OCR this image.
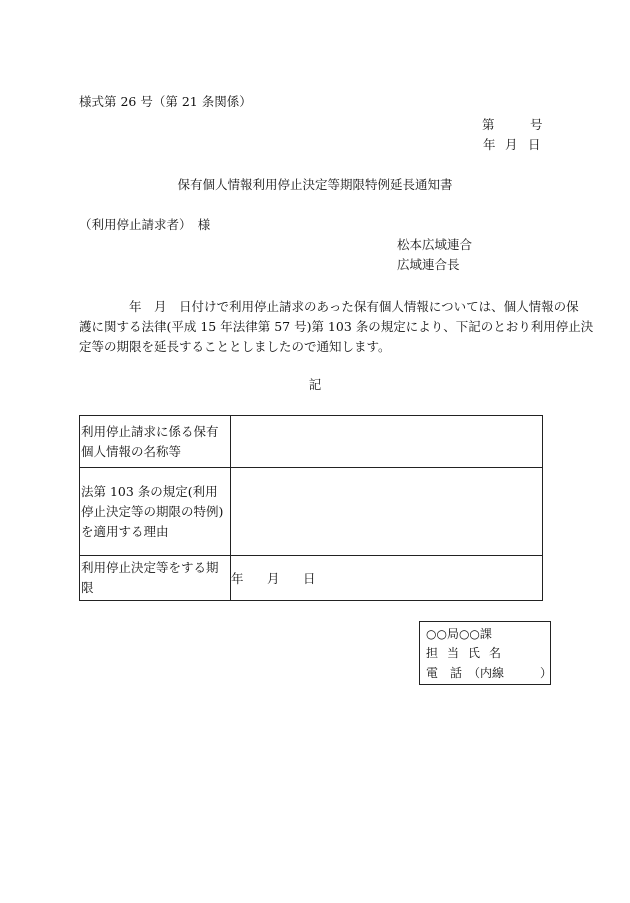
様式第 26 号（第 21 条関係）
第	号
年 月 日
保有個人情報利用停止決定等期限特例延長通知書
（利用停止請求者）　様
松本広域連合
広域連合長
　　　　年　月　日付けで利用停止請求のあった保有個人情報については、個人情報の保
護に関する法律(平成 15 年法律第 57 号)第 103 条の規定により、下記のとおり利用停止決
定等の期限を延長することとしましたので通知します。
記
利用停止請求に係る保有個人情報の名称等	
法第 103 条の規定(利用停止決定等の期限の特例)を適用する理由	
利用停止決定等をする期限	年 月 日
○○局○○課
担当氏名
電　話　（内線　　　）
